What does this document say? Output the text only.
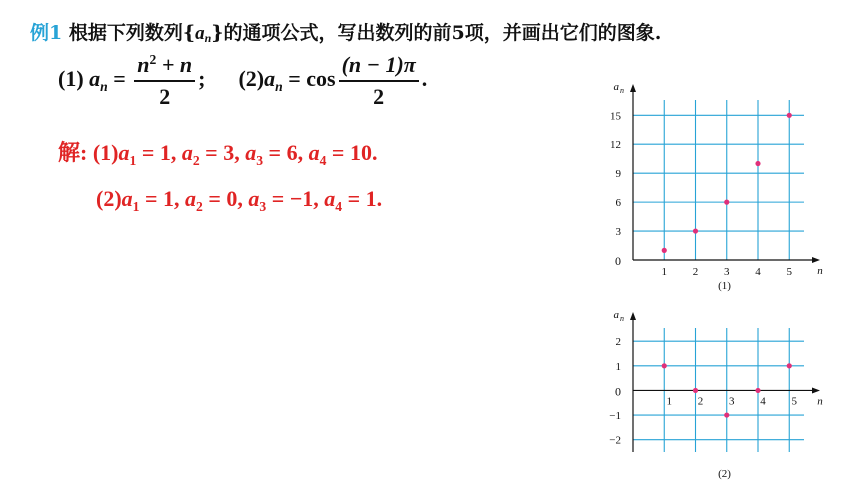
例1 根据下列数列$\{a_n\}$的通项公式，写出数列的前5项，并画出它们的图象.
(1) $a_n = \frac{n^2 + n}{2}$ ; $(2)a_n = \cos \frac{(n - 1)\pi}{2}$ .
解: $(1)a_1 = 1$, $a_2 = 3$, $a_3 = 6$, $a_4 = 10$.
$(2)a_1 = 1$, $a_2 = 0$, $a_3 = -1$, $a_4 = 1$.
n
a n
0
1 2 3 4 5
3
6
9
12
15
(1)
n
a n
0
1 2 3 4 5
−2
−1
1
2
(2)
